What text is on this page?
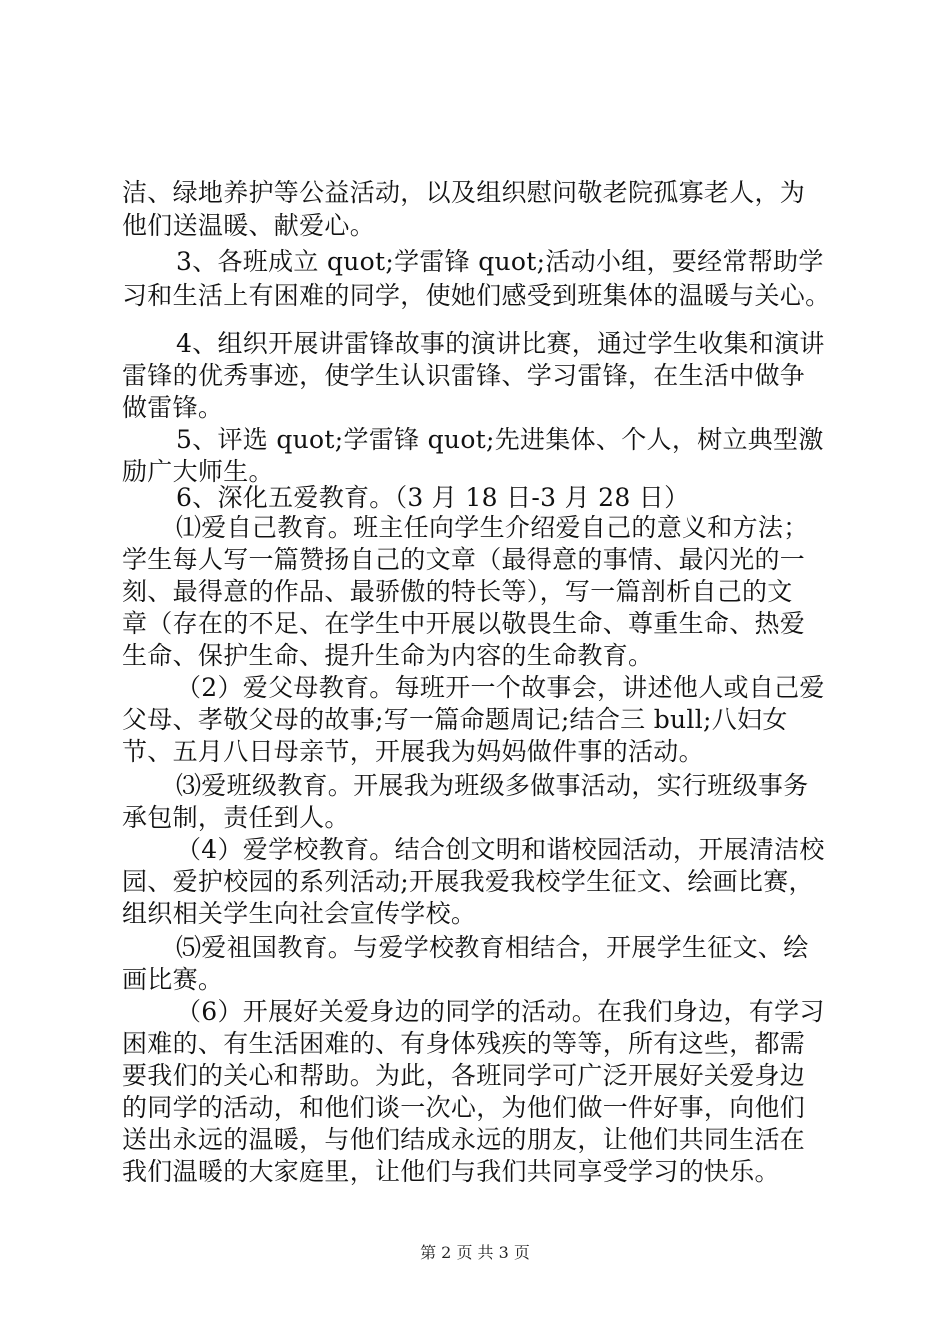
洁、绿地养护等公益活动，以及组织慰问敬老院孤寡老人，为
他们送温暖、献爱心。
3、各班成立 quot;学雷锋 quot;活动小组，要经常帮助学
习和生活上有困难的同学，使她们感受到班集体的温暖与关心。
4、组织开展讲雷锋故事的演讲比赛，通过学生收集和演讲
雷锋的优秀事迹，使学生认识雷锋、学习雷锋，在生活中做争
做雷锋。
5、评选 quot;学雷锋 quot;先进集体、个人，树立典型激
励广大师生。
6、深化五爱教育。（3 月 18 日-3 月 28 日）
⑴爱自己教育。班主任向学生介绍爱自己的意义和方法；
学生每人写一篇赞扬自己的文章（最得意的事情、最闪光的一
刻、最得意的作品、最骄傲的特长等），写一篇剖析自己的文
章（存在的不足、在学生中开展以敬畏生命、尊重生命、热爱
生命、保护生命、提升生命为内容的生命教育。
（2）爱父母教育。每班开一个故事会，讲述他人或自己爱
父母、孝敬父母的故事;写一篇命题周记;结合三 bull;八妇女
节、五月八日母亲节，开展我为妈妈做件事的活动。
⑶爱班级教育。开展我为班级多做事活动，实行班级事务
承包制，责任到人。
（4）爱学校教育。结合创文明和谐校园活动，开展清洁校
园、爱护校园的系列活动;开展我爱我校学生征文、绘画比赛，
组织相关学生向社会宣传学校。
⑸爱祖国教育。与爱学校教育相结合，开展学生征文、绘
画比赛。
（6）开展好关爱身边的同学的活动。在我们身边，有学习
困难的、有生活困难的、有身体残疾的等等，所有这些，都需
要我们的关心和帮助。为此，各班同学可广泛开展好关爱身边
的同学的活动，和他们谈一次心，为他们做一件好事，向他们
送出永远的温暖，与他们结成永远的朋友，让他们共同生活在
我们温暖的大家庭里，让他们与我们共同享受学习的快乐。
第 2 页 共 3 页
